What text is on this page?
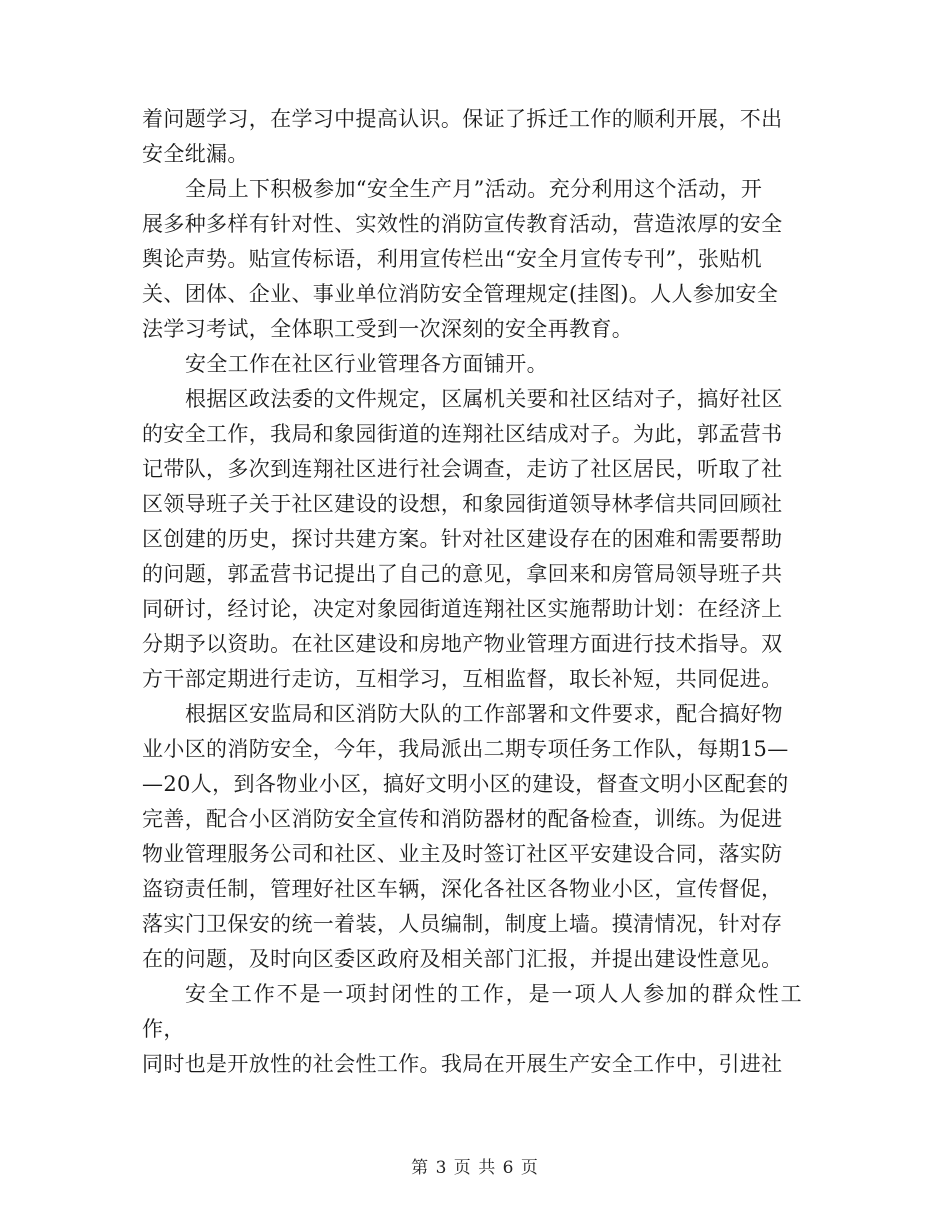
着问题学习，在学习中提高认识。保证了拆迁工作的顺利开展，不出
安全纰漏。

全局上下积极参加“安全生产月”活动。充分利用这个活动，开
展多种多样有针对性、实效性的消防宣传教育活动，营造浓厚的安全
舆论声势。贴宣传标语，利用宣传栏出“安全月宣传专刊”，张贴机
关、团体、企业、事业单位消防安全管理规定(挂图)。人人参加安全
法学习考试，全体职工受到一次深刻的安全再教育。

安全工作在社区行业管理各方面铺开。

根据区政法委的文件规定，区属机关要和社区结对子，搞好社区
的安全工作，我局和象园街道的连翔社区结成对子。为此，郭孟营书
记带队，多次到连翔社区进行社会调查，走访了社区居民，听取了社
区领导班子关于社区建设的设想，和象园街道领导林孝信共同回顾社
区创建的历史，探讨共建方案。针对社区建设存在的困难和需要帮助
的问题，郭孟营书记提出了自己的意见，拿回来和房管局领导班子共
同研讨，经讨论，决定对象园街道连翔社区实施帮助计划：在经济上
分期予以资助。在社区建设和房地产物业管理方面进行技术指导。双
方干部定期进行走访，互相学习，互相监督，取长补短，共同促进。

根据区安监局和区消防大队的工作部署和文件要求，配合搞好物
业小区的消防安全，今年，我局派出二期专项任务工作队，每期15—
—20人，到各物业小区，搞好文明小区的建设，督查文明小区配套的
完善，配合小区消防安全宣传和消防器材的配备检查，训练。为促进
物业管理服务公司和社区、业主及时签订社区平安建设合同，落实防
盗窃责任制，管理好社区车辆，深化各社区各物业小区，宣传督促，
落实门卫保安的统一着装，人员编制，制度上墙。摸清情况，针对存
在的问题，及时向区委区政府及相关部门汇报，并提出建设性意见。

安全工作不是一项封闭性的工作，是一项人人参加的群众性工作，
同时也是开放性的社会性工作。我局在开展生产安全工作中，引进社

第 3 页 共 6 页
